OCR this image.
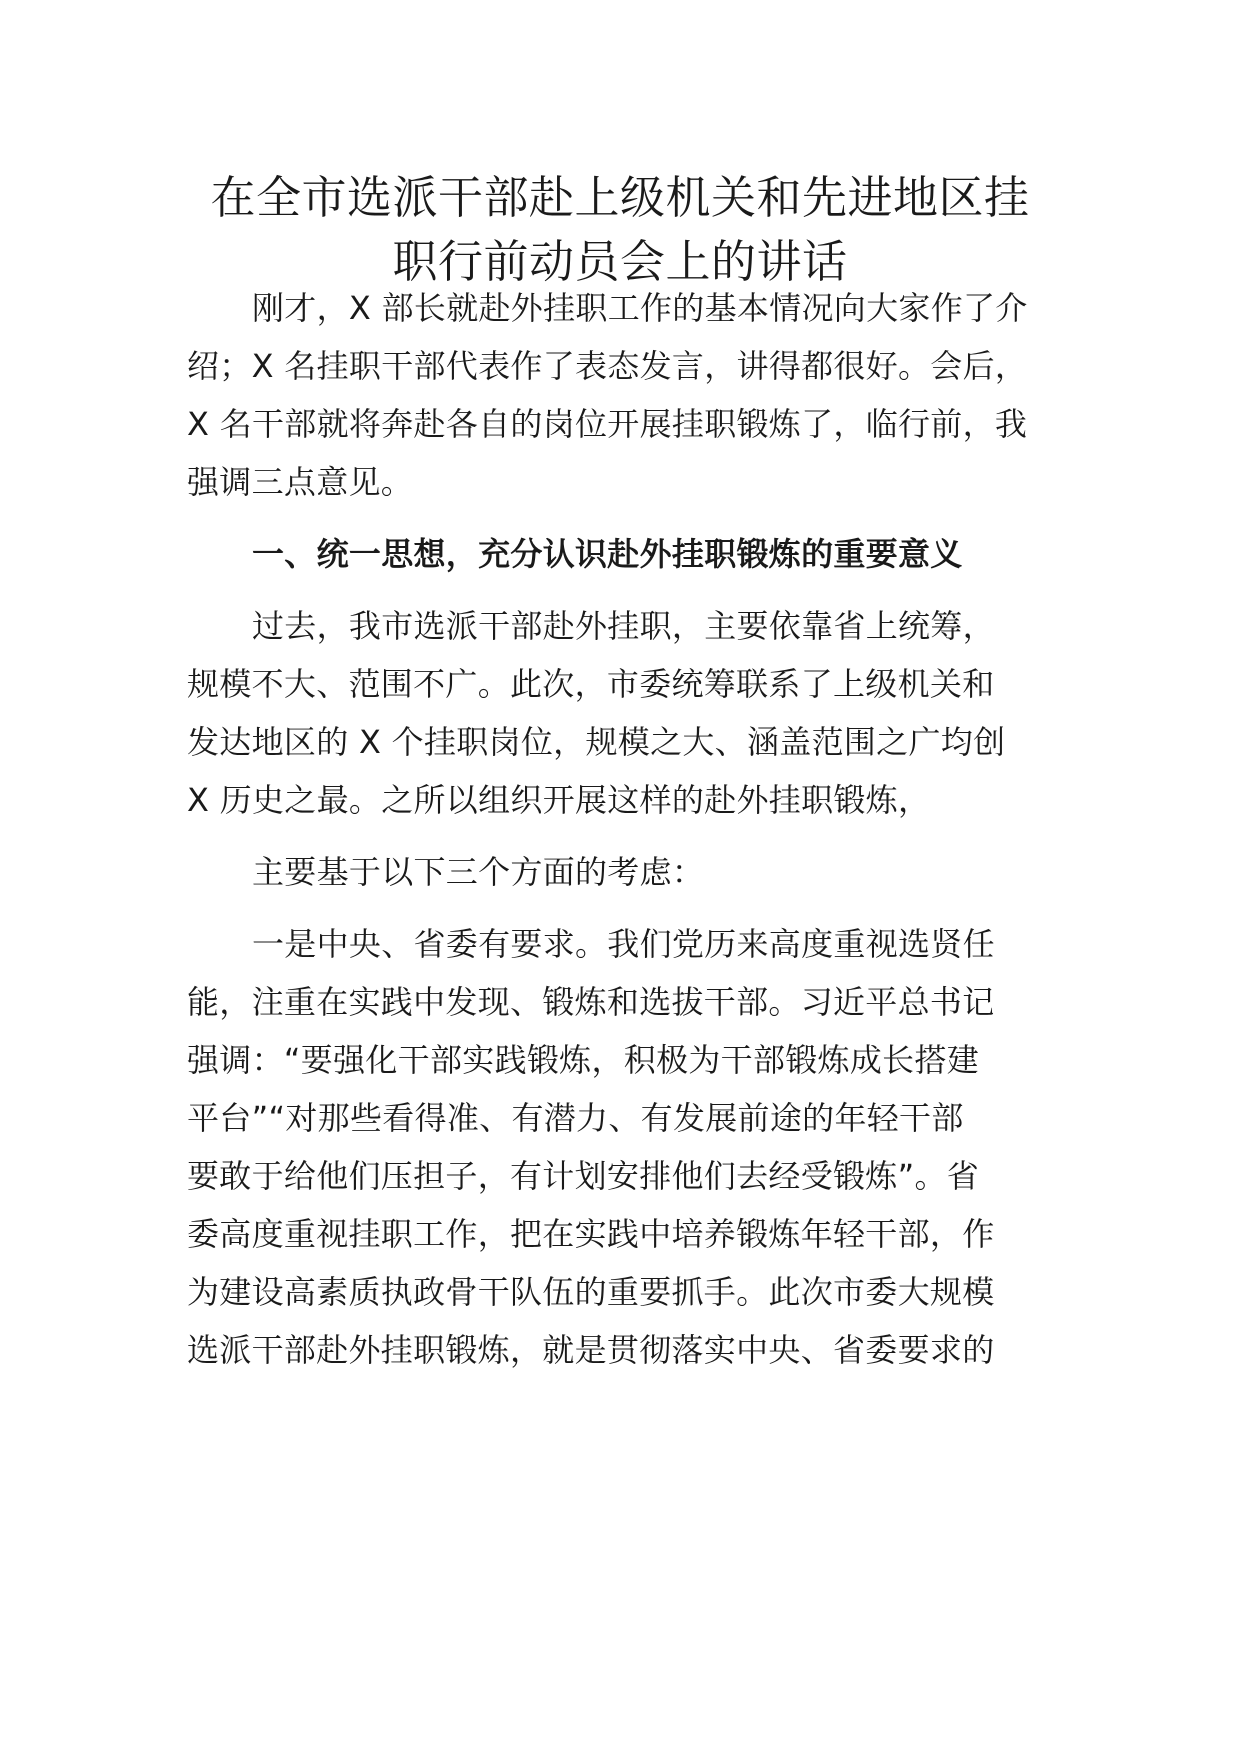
在全市选派干部赴上级机关和先进地区挂
职行前动员会上的讲话
刚才，X 部长就赴外挂职工作的基本情况向大家作了介
绍；X 名挂职干部代表作了表态发言，讲得都很好。会后，
X 名干部就将奔赴各自的岗位开展挂职锻炼了，临行前，我
强调三点意见。
一、统一思想，充分认识赴外挂职锻炼的重要意义
过去，我市选派干部赴外挂职，主要依靠省上统筹，
规模不大、范围不广。此次，市委统筹联系了上级机关和
发达地区的 X 个挂职岗位，规模之大、涵盖范围之广均创
X 历史之最。之所以组织开展这样的赴外挂职锻炼，
主要基于以下三个方面的考虑：
一是中央、省委有要求。我们党历来高度重视选贤任
能，注重在实践中发现、锻炼和选拔干部。习近平总书记
强调：“要强化干部实践锻炼，积极为干部锻炼成长搭建
平台”“对那些看得准、有潜力、有发展前途的年轻干部
要敢于给他们压担子，有计划安排他们去经受锻炼”。省
委高度重视挂职工作，把在实践中培养锻炼年轻干部，作
为建设高素质执政骨干队伍的重要抓手。此次市委大规模
选派干部赴外挂职锻炼，就是贯彻落实中央、省委要求的
